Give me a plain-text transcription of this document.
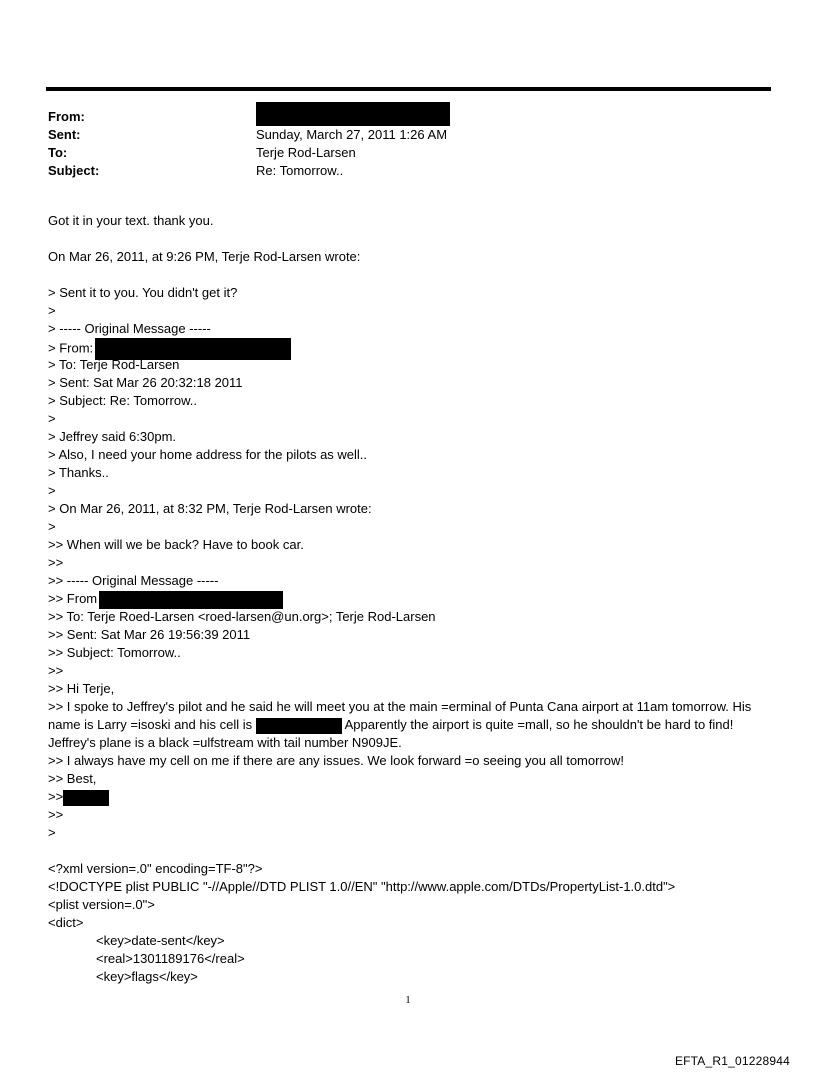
From:
Sent:	Sunday, March 27, 2011 1:26 AM
To:	Terje Rod-Larsen
Subject:	Re: Tomorrow..
Got it in your text. thank you.
On Mar 26, 2011, at 9:26 PM, Terje Rod-Larsen wrote:
> Sent it to you. You didn't get it?
>
> ----- Original Message -----
> From:
> To: Terje Rod-Larsen
> Sent: Sat Mar 26 20:32:18 2011
> Subject: Re: Tomorrow..
>
> Jeffrey said 6:30pm.
> Also, I need your home address for the pilots as well..
> Thanks..
>
> On Mar 26, 2011, at 8:32 PM, Terje Rod-Larsen wrote:
>
>> When will we be back? Have to book car.
>>
>> ----- Original Message -----
>> From
>> To: Terje Roed-Larsen <roed-larsen@un.org>; Terje Rod-Larsen
>> Sent: Sat Mar 26 19:56:39 2011
>> Subject: Tomorrow..
>>
>> Hi Terje,
>> I spoke to Jeffrey's pilot and he said he will meet you at the main =erminal of Punta Cana airport at 11am tomorrow. His name is Larry =isoski and his cell is	Apparently the airport is quite =mall, so he shouldn't be hard to find! Jeffrey's plane is a black =ulfstream with tail number N909JE.
>> I always have my cell on me if there are any issues. We look forward =o seeing you all tomorrow!
>> Best,
>>
>>
>
<?xml version=.0" encoding=TF-8"?>
<!DOCTYPE plist PUBLIC "-//Apple//DTD PLIST 1.0//EN" "http://www.apple.com/DTDs/PropertyList-1.0.dtd">
<plist version=.0">
<dict>
<key>date-sent</key>
<real>1301189176</real>
<key>flags</key>
1
EFTA_R1_01228944
